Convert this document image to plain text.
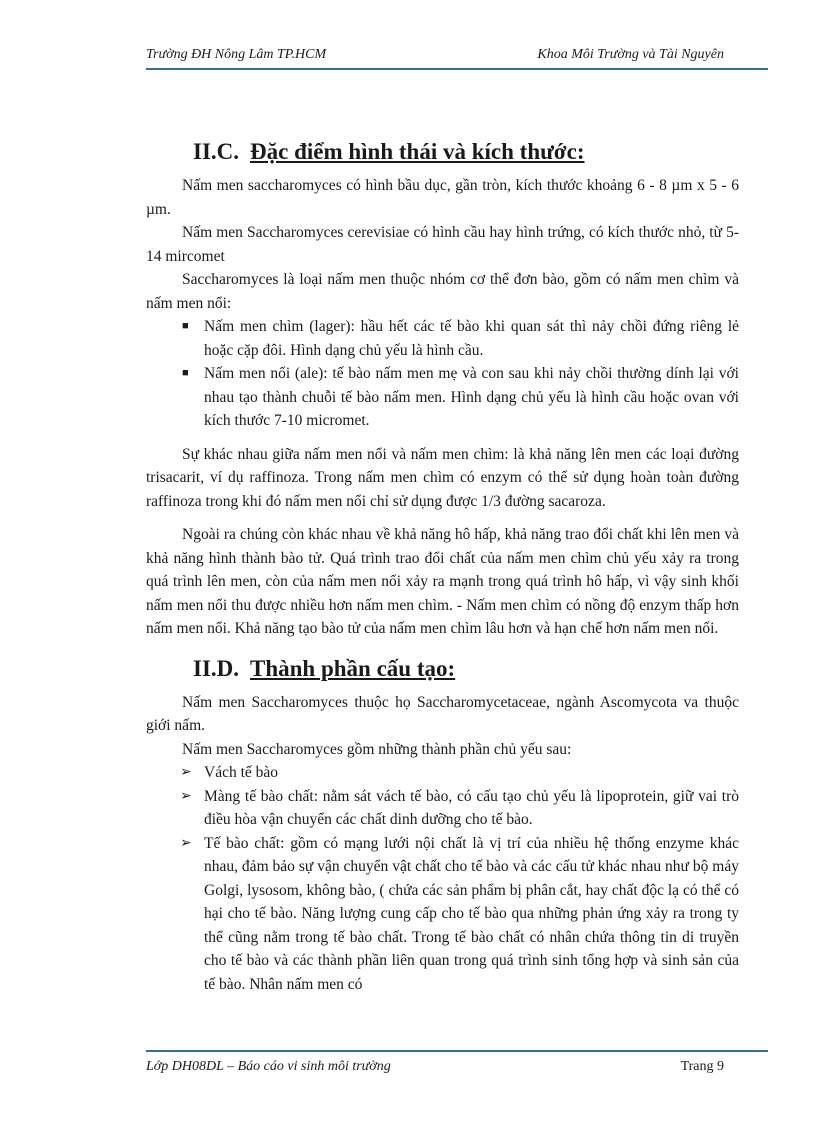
Trường ĐH Nông Lâm TP.HCM	Khoa Môi Trường và Tài Nguyên
II.C. Đặc điểm hình thái và kích thước:

Nấm men saccharomyces có hình bầu dục, gần tròn, kích thước khoảng 6 - 8 µm x 5 - 6 µm.

Nấm men Saccharomyces cerevisiae có hình cầu hay hình trứng, có kích thước nhỏ, từ 5-14 mircomet

Saccharomyces là loại nấm men thuộc nhóm cơ thể đơn bào, gồm có nấm men chìm và nấm men nổi:

■ Nấm men chìm (lager): hầu hết các tế bào khi quan sát thì nảy chồi đứng riêng lẻ hoặc cặp đôi. Hình dạng chủ yếu là hình cầu.
■ Nấm men nổi (ale): tế bào nấm men mẹ và con sau khi nảy chồi thường dính lại với nhau tạo thành chuỗi tế bào nấm men. Hình dạng chủ yếu là hình cầu hoặc ovan với kích thước 7-10 micromet.

Sự khác nhau giữa nấm men nổi và nấm men chìm: là khả năng lên men các loại đường trisacarit, ví dụ raffinoza. Trong nấm men chìm có enzym có thể sử dụng hoàn toàn đường raffinoza trong khi đó nấm men nổi chỉ sử dụng được 1/3 đường sacaroza.

Ngoài ra chúng còn khác nhau về khả năng hô hấp, khả năng trao đổi chất khi lên men và khả năng hình thành bào tử. Quá trình trao đổi chất của nấm men chìm chủ yếu xảy ra trong quá trình lên men, còn của nấm men nổi xảy ra mạnh trong quá trình hô hấp, vì vậy sinh khối nấm men nổi thu được nhiều hơn nấm men chìm. - Nấm men chìm có nồng độ enzym thấp hơn nấm men nổi. Khả năng tạo bào tử của nấm men chìm lâu hơn và hạn chế hơn nấm men nổi.

II.D. Thành phần cấu tạo:

Nấm men Saccharomyces thuộc họ Saccharomycetaceae, ngành Ascomycota va thuộc giới nấm.

Nấm men Saccharomyces gồm những thành phần chủ yếu sau:

➢ Vách tế bào
➢ Màng tế bào chất: nằm sát vách tế bào, có cấu tạo chủ yếu là lipoprotein, giữ vai trò điều hòa vận chuyển các chất dinh dưỡng cho tế bào.
➢ Tế bào chất: gồm có mạng lưới nội chất là vị trí của nhiều hệ thống enzyme khác nhau, đảm bảo sự vận chuyển vật chất cho tế bào và các cấu tử khác nhau như bộ máy Golgi, lysosom, không bào, ( chứa các sản phẩm bị phân cắt, hay chất độc lạ có thể có hại cho tế bào. Năng lượng cung cấp cho tế bào qua những phản ứng xảy ra trong ty thể cũng nằm trong tế bào chất. Trong tế bào chất có nhân chứa thông tin di truyền cho tế bào và các thành phần liên quan trong quá trình sinh tổng hợp và sinh sản của tế bào. Nhân nấm men có
Lớp DH08DL – Báo cáo vi sinh môi trường	Trang 9
